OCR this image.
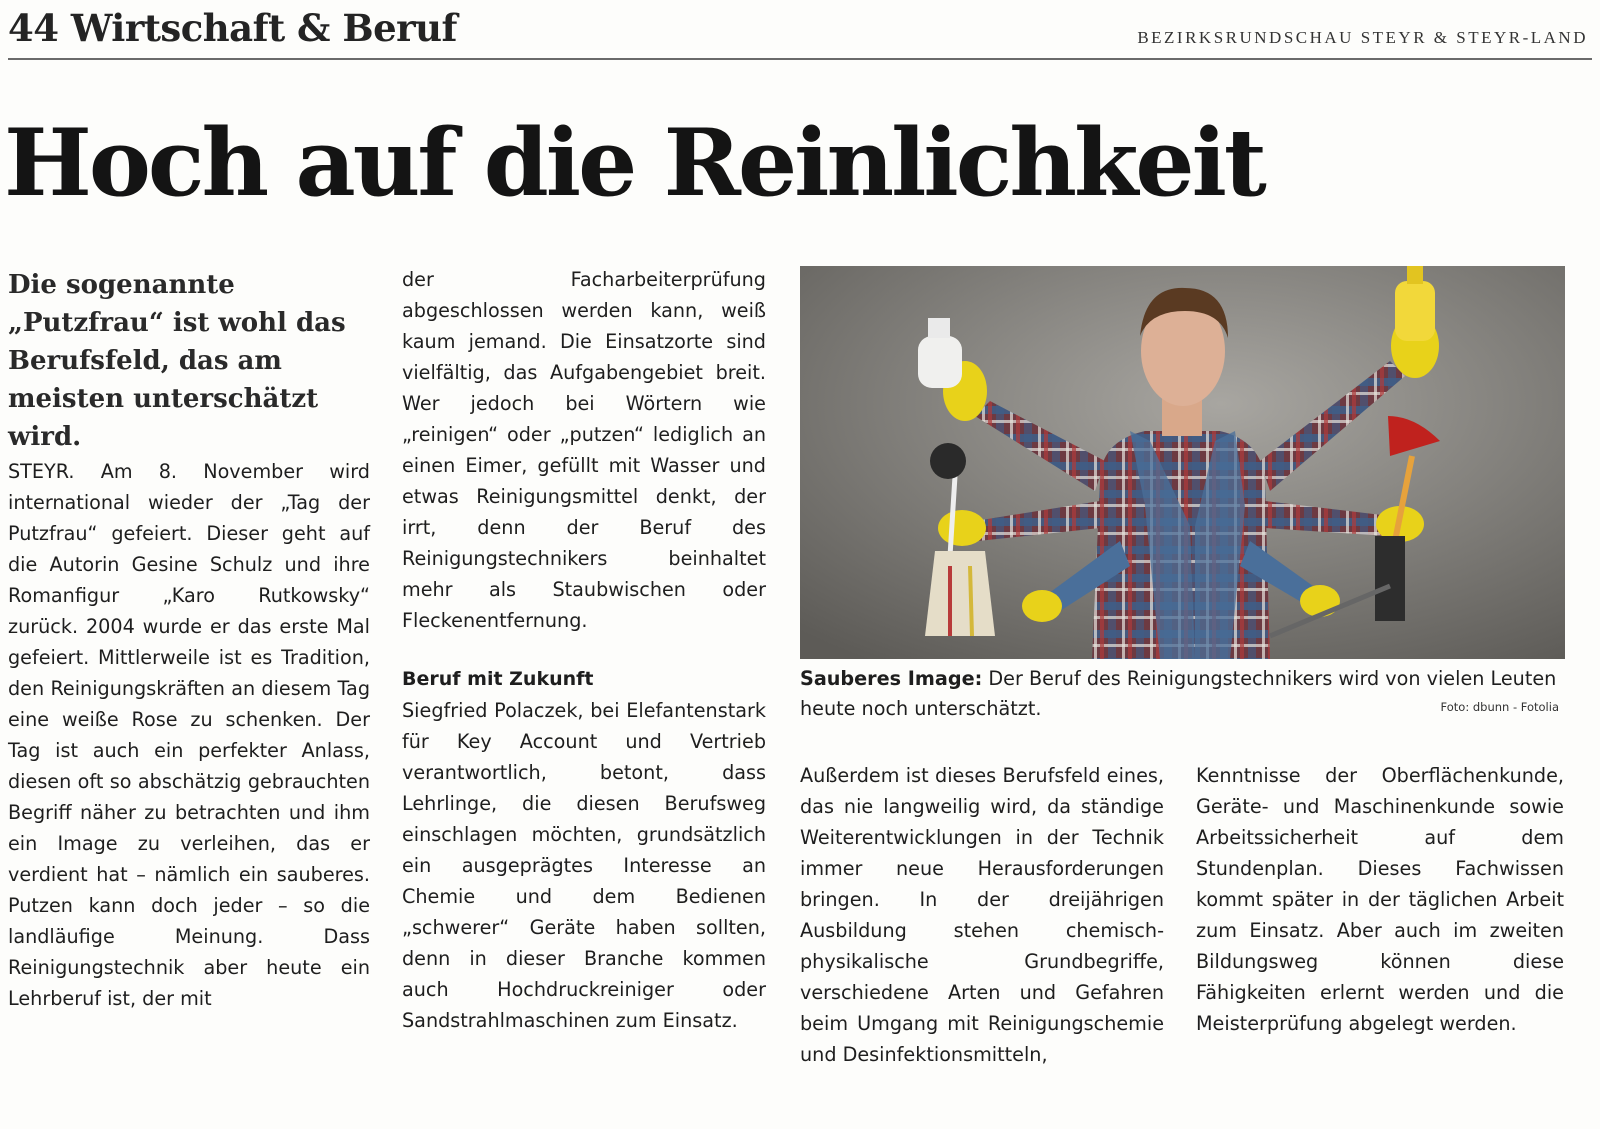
44 Wirtschaft & Beruf	BEZIRKSRUNDSCHAU STEYR & STEYR-LAND
Hoch auf die Reinlichkeit

Die sogenannte „Putzfrau“ ist wohl das Berufsfeld, das am meisten unterschätzt wird.

STEYR. Am 8. November wird international wieder der „Tag der Putzfrau“ gefeiert. Dieser geht auf die Autorin Gesine Schulz und ihre Romanfigur „Karo Rutkowsky“ zurück. 2004 wurde er das erste Mal gefeiert. Mittlerweile ist es Tradition, den Reinigungskräften an diesem Tag eine weiße Rose zu schenken. Der Tag ist auch ein perfekter Anlass, diesen oft so abschätzig gebrauchten Begriff näher zu betrachten und ihm ein Image zu verleihen, das er verdient hat – nämlich ein sauberes. Putzen kann doch jeder – so die landläufige Meinung. Dass Reinigungstechnik aber heute ein Lehrberuf ist, der mit

der Facharbeiterprüfung abgeschlossen werden kann, weiß kaum jemand. Die Einsatzorte sind vielfältig, das Aufgabengebiet breit. Wer jedoch bei Wörtern wie „reinigen“ oder „putzen“ lediglich an einen Eimer, gefüllt mit Wasser und etwas Reinigungsmittel denkt, der irrt, denn der Beruf des Reinigungstechnikers beinhaltet mehr als Staubwischen oder Fleckenentfernung.

Beruf mit Zukunft

Siegfried Polaczek, bei Elefantenstark für Key Account und Vertrieb verantwortlich, betont, dass Lehrlinge, die diesen Berufsweg einschlagen möchten, grundsätzlich ein ausgeprägtes Interesse an Chemie und dem Bedienen „schwerer“ Geräte haben sollten, denn in dieser Branche kommen auch Hochdruckreiniger oder Sandstrahlmaschinen zum Einsatz.

Sauberes Image: Der Beruf des Reinigungstechnikers wird von vielen Leuten heute noch unterschätzt.	Foto: dbunn - Fotolia

Außerdem ist dieses Berufsfeld eines, das nie langweilig wird, da ständige Weiterentwicklungen in der Technik immer neue Herausforderungen bringen. In der dreijährigen Ausbildung stehen chemisch-physikalische Grundbegriffe, verschiedene Arten und Gefahren beim Umgang mit Reinigungschemie und Desinfektionsmitteln,

Kenntnisse der Oberflächenkunde, Geräte- und Maschinenkunde sowie Arbeitssicherheit auf dem Stundenplan. Dieses Fachwissen kommt später in der täglichen Arbeit zum Einsatz. Aber auch im zweiten Bildungsweg können diese Fähigkeiten erlernt werden und die Meisterprüfung abgelegt werden.
